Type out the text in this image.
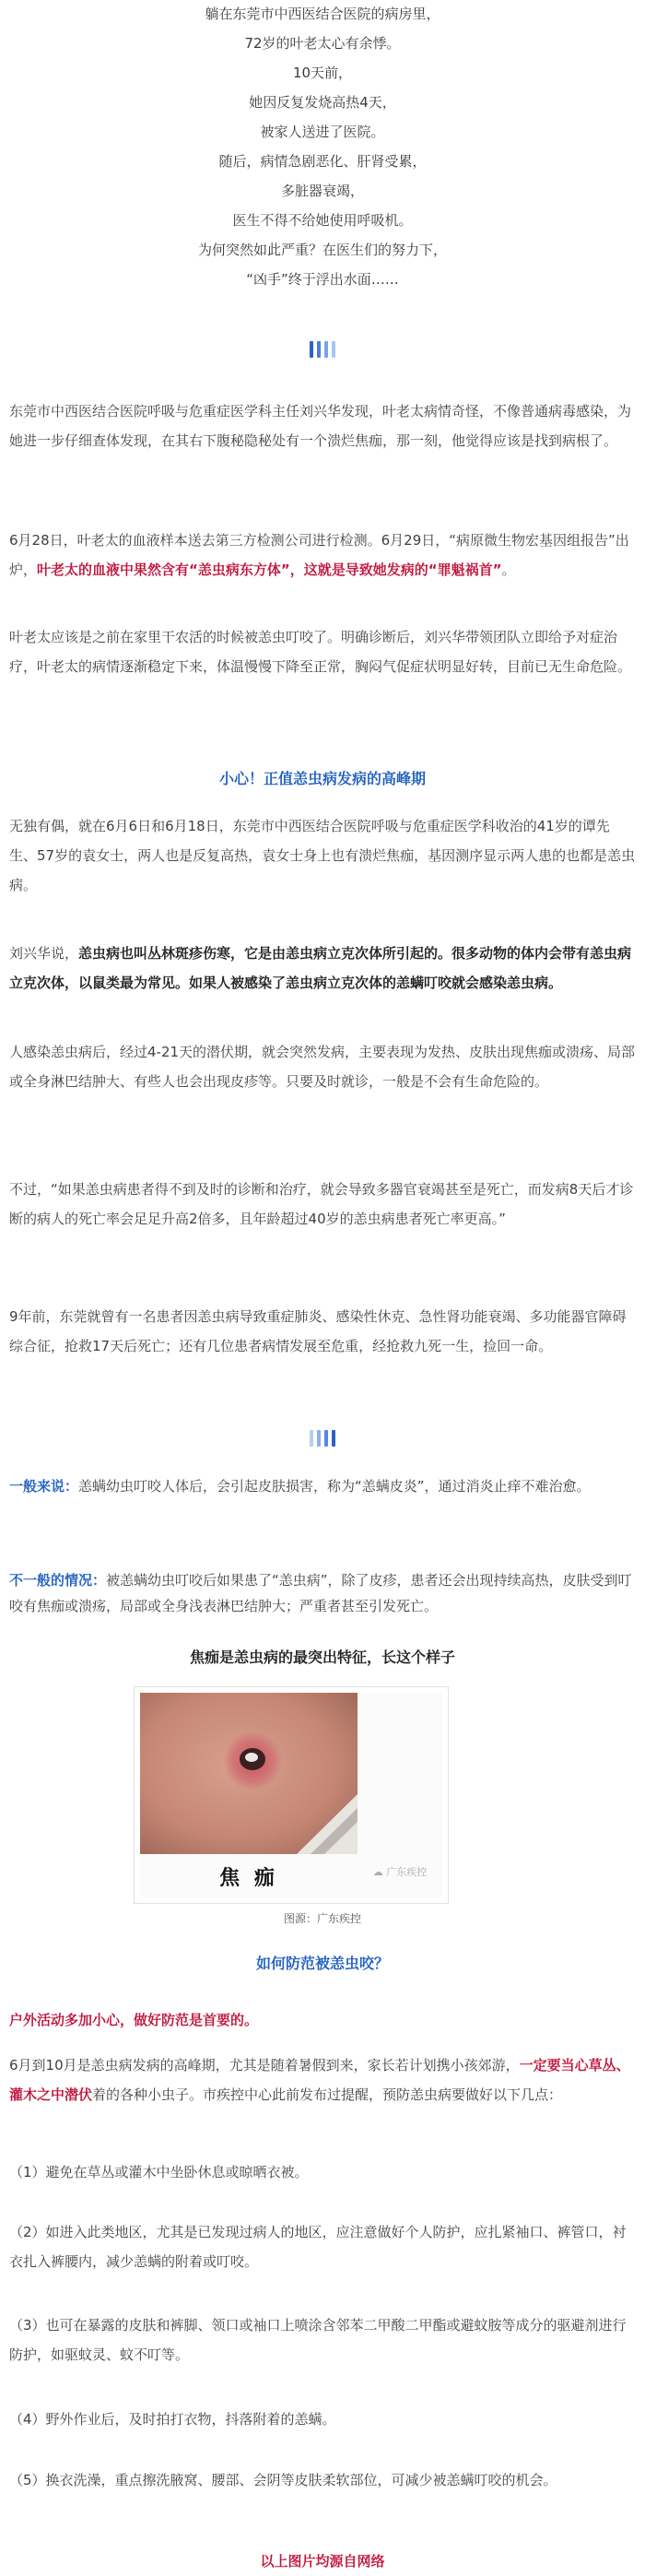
躺在东莞市中西医结合医院的病房里，
72岁的叶老太心有余悸。
10天前，
她因反复发烧高热4天，
被家人送进了医院。
随后，病情急剧恶化、肝肾受累，
多脏器衰竭，
医生不得不给她使用呼吸机。
为何突然如此严重？在医生们的努力下，
“凶手”终于浮出水面……

东莞市中西医结合医院呼吸与危重症医学科主任刘兴华发现，叶老太病情奇怪，不像普通病毒感染，为她进一步仔细查体发现，在其右下腹秘隐秘处有一个溃烂焦痂，那一刻，他觉得应该是找到病根了。

6月28日，叶老太的血液样本送去第三方检测公司进行检测。6月29日，“病原微生物宏基因组报告”出炉，叶老太的血液中果然含有“恙虫病东方体”，这就是导致她发病的“罪魁祸首”。

叶老太应该是之前在家里干农活的时候被恙虫叮咬了。明确诊断后，刘兴华带领团队立即给予对症治疗，叶老太的病情逐渐稳定下来，体温慢慢下降至正常，胸闷气促症状明显好转，目前已无生命危险。

小心！正值恙虫病发病的高峰期

无独有偶，就在6月6日和6月18日，东莞市中西医结合医院呼吸与危重症医学科收治的41岁的谭先生、57岁的袁女士，两人也是反复高热，袁女士身上也有溃烂焦痂，基因测序显示两人患的也都是恙虫病。

刘兴华说，恙虫病也叫丛林斑疹伤寒，它是由恙虫病立克次体所引起的。很多动物的体内会带有恙虫病立克次体，以鼠类最为常见。如果人被感染了恙虫病立克次体的恙螨叮咬就会感染恙虫病。

人感染恙虫病后，经过4-21天的潜伏期，就会突然发病，主要表现为发热、皮肤出现焦痂或溃疡、局部或全身淋巴结肿大、有些人也会出现皮疹等。只要及时就诊，一般是不会有生命危险的。

不过，“如果恙虫病患者得不到及时的诊断和治疗，就会导致多器官衰竭甚至是死亡，而发病8天后才诊断的病人的死亡率会足足升高2倍多，且年龄超过40岁的恙虫病患者死亡率更高。”

9年前，东莞就曾有一名患者因恙虫病导致重症肺炎、感染性休克、急性肾功能衰竭、多功能器官障碍综合征，抢救17天后死亡；还有几位患者病情发展至危重，经抢救九死一生，捡回一命。

一般来说：恙螨幼虫叮咬人体后，会引起皮肤损害，称为“恙螨皮炎”，通过消炎止痒不难治愈。

不一般的情况：被恙螨幼虫叮咬后如果患了“恙虫病”，除了皮疹，患者还会出现持续高热，皮肤受到叮咬有焦痂或溃疡，局部或全身浅表淋巴结肿大；严重者甚至引发死亡。

焦痂是恙虫病的最突出特征，长这个样子
焦 痂	☁ 广东疾控
图源：广东疾控
如何防范被恙虫咬？

户外活动多加小心，做好防范是首要的。

6月到10月是恙虫病发病的高峰期，尤其是随着暑假到来，家长若计划携小孩郊游，一定要当心草丛、灌木之中潜伏着的各种小虫子。市疾控中心此前发布过提醒，预防恙虫病要做好以下几点：

（1）避免在草丛或灌木中坐卧休息或晾晒衣被。

（2）如进入此类地区，尤其是已发现过病人的地区，应注意做好个人防护，应扎紧袖口、裤管口，衬衣扎入裤腰内，减少恙螨的附着或叮咬。

（3）也可在暴露的皮肤和裤脚、领口或袖口上喷涂含邻苯二甲酸二甲酯或避蚊胺等成分的驱避剂进行防护，如驱蚊灵、蚊不叮等。

（4）野外作业后，及时拍打衣物，抖落附着的恙螨。

（5）换衣洗澡，重点擦洗腋窝、腰部、会阴等皮肤柔软部位，可减少被恙螨叮咬的机会。

以上图片均源自网络
